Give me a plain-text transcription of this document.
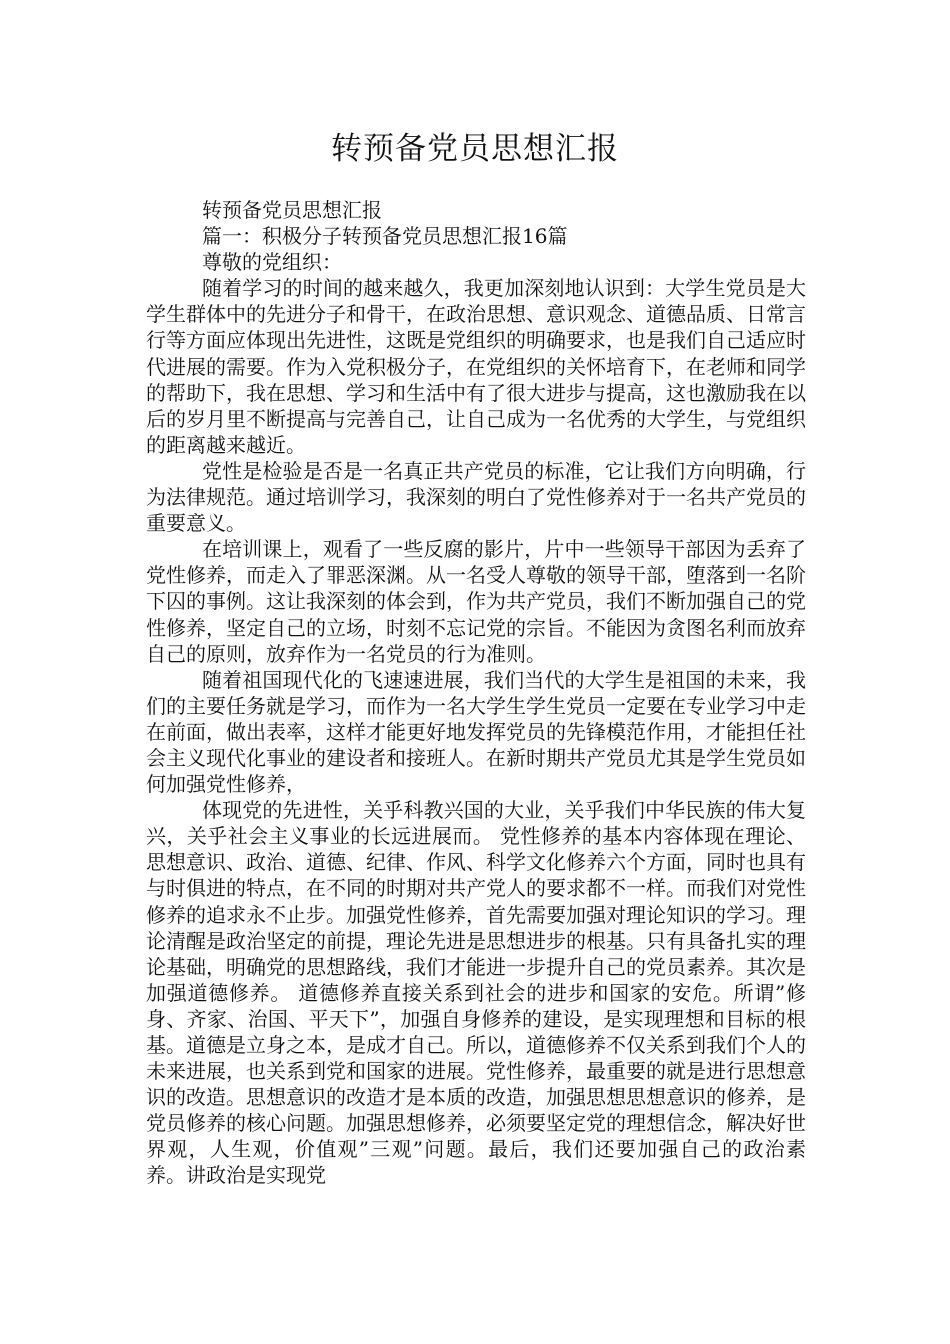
转预备党员思想汇报

转预备党员思想汇报

篇一：积极分子转预备党员思想汇报16篇

尊敬的党组织：

随着学习的时间的越来越久，我更加深刻地认识到：大学生党员是大学生群体中的先进分子和骨干，在政治思想、意识观念、道德品质、日常言行等方面应体现出先进性，这既是党组织的明确要求，也是我们自己适应时代进展的需要。作为入党积极分子，在党组织的关怀培育下，在老师和同学的帮助下，我在思想、学习和生活中有了很大进步与提高，这也激励我在以后的岁月里不断提高与完善自己，让自己成为一名优秀的大学生，与党组织的距离越来越近。

党性是检验是否是一名真正共产党员的标准，它让我们方向明确，行为法律规范。通过培训学习，我深刻的明白了党性修养对于一名共产党员的重要意义。

在培训课上，观看了一些反腐的影片，片中一些领导干部因为丢弃了党性修养，而走入了罪恶深渊。从一名受人尊敬的领导干部，堕落到一名阶下囚的事例。这让我深刻的体会到，作为共产党员，我们不断加强自己的党性修养，坚定自己的立场，时刻不忘记党的宗旨。不能因为贪图名利而放弃自己的原则，放弃作为一名党员的行为准则。

随着祖国现代化的飞速速进展，我们当代的大学生是祖国的未来，我们的主要任务就是学习，而作为一名大学生学生党员一定要在专业学习中走在前面，做出表率，这样才能更好地发挥党员的先锋模范作用，才能担任社会主义现代化事业的建设者和接班人。在新时期共产党员尤其是学生党员如何加强党性修养，

体现党的先进性，关乎科教兴国的大业，关乎我们中华民族的伟大复兴，关乎社会主义事业的长远进展而。 党性修养的基本内容体现在理论、思想意识、政治、道德、纪律、作风、科学文化修养六个方面，同时也具有与时俱进的特点，在不同的时期对共产党人的要求都不一样。而我们对党性修养的追求永不止步。加强党性修养，首先需要加强对理论知识的学习。理论清醒是政治坚定的前提，理论先进是思想进步的根基。只有具备扎实的理论基础，明确党的思想路线，我们才能进一步提升自己的党员素养。其次是加强道德修养。 道德修养直接关系到社会的进步和国家的安危。所谓”修身、齐家、治国、平天下”，加强自身修养的建设，是实现理想和目标的根基。道德是立身之本，是成才自己。所以，道德修养不仅关系到我们个人的未来进展，也关系到党和国家的进展。党性修养，最重要的就是进行思想意识的改造。思想意识的改造才是本质的改造，加强思想思想意识的修养，是党员修养的核心问题。加强思想修养，必须要坚定党的理想信念，解决好世界观，人生观，价值观”三观”问题。最后，我们还要加强自己的政治素养。讲政治是实现党
